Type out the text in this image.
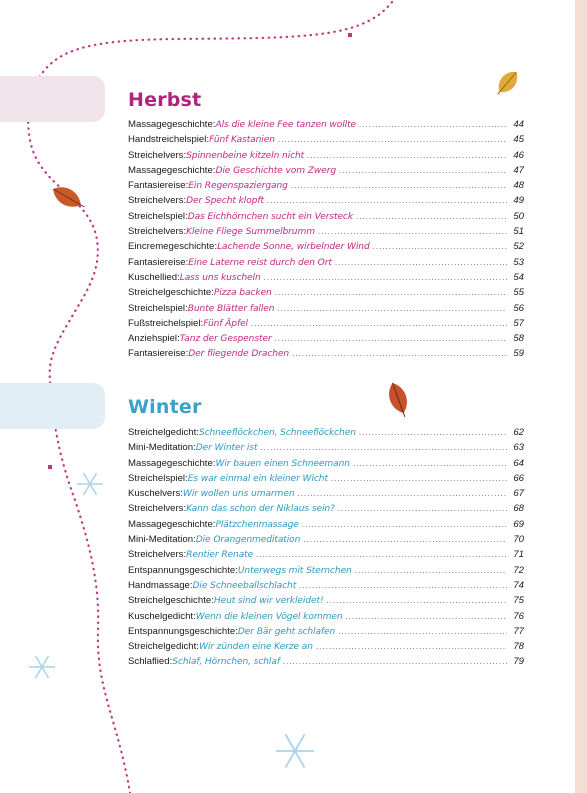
Herbst
Massagegeschichte: Als die kleine Fee tanzen wollte .....	44
Handstreichelspiel: Fünf Kastanien .....	45
Streichelvers: Spinnenbeine kitzeln nicht .....	46
Massagegeschichte: Die Geschichte vom Zwerg .....	47
Fantasiereise: Ein Regenspaziergang .....	48
Streichelvers: Der Specht klopft .....	49
Streichelspiel: Das Eichhörnchen sucht ein Versteck .....	50
Streichelvers: Kleine Fliege Summelbrumm .....	51
Eincremegeschichte: Lachende Sonne, wirbelnder Wind .....	52
Fantasiereise: Eine Laterne reist durch den Ort .....	53
Kuschellied: Lass uns kuscheln .....	54
Streichelgeschichte: Pizza backen .....	55
Streichelspiel: Bunte Blätter fallen .....	56
Fußstreichelspiel: Fünf Äpfel .....	57
Anziehspiel: Tanz der Gespenster .....	58
Fantasiereise: Der fliegende Drachen .....	59
Winter
Streichelgedicht: Schneeflöckchen, Schneeflöckchen .....	62
Mini-Meditation: Der Winter ist .....	63
Massagegeschichte: Wir bauen einen Schneemann .....	64
Streichelspiel: Es war einmal ein kleiner Wicht .....	66
Kuschelvers: Wir wollen uns umarmen .....	67
Streichelvers: Kann das schon der Niklaus sein? .....	68
Massagegeschichte: Plätzchenmassage .....	69
Mini-Meditation: Die Orangenmeditation .....	70
Streichelvers: Rentier Renate .....	71
Entspannungsgeschichte: Unterwegs mit Sternchen .....	72
Handmassage: Die Schneeballschlacht .....	74
Streichelgeschichte: Heut sind wir verkleidet! .....	75
Kuschelgedicht: Wenn die kleinen Vögel kommen .....	76
Entspannungsgeschichte: Der Bär geht schlafen .....	77
Streichelgedicht: Wir zünden eine Kerze an .....	78
Schlaflied: Schlaf, Hörnchen, schlaf .....	79
